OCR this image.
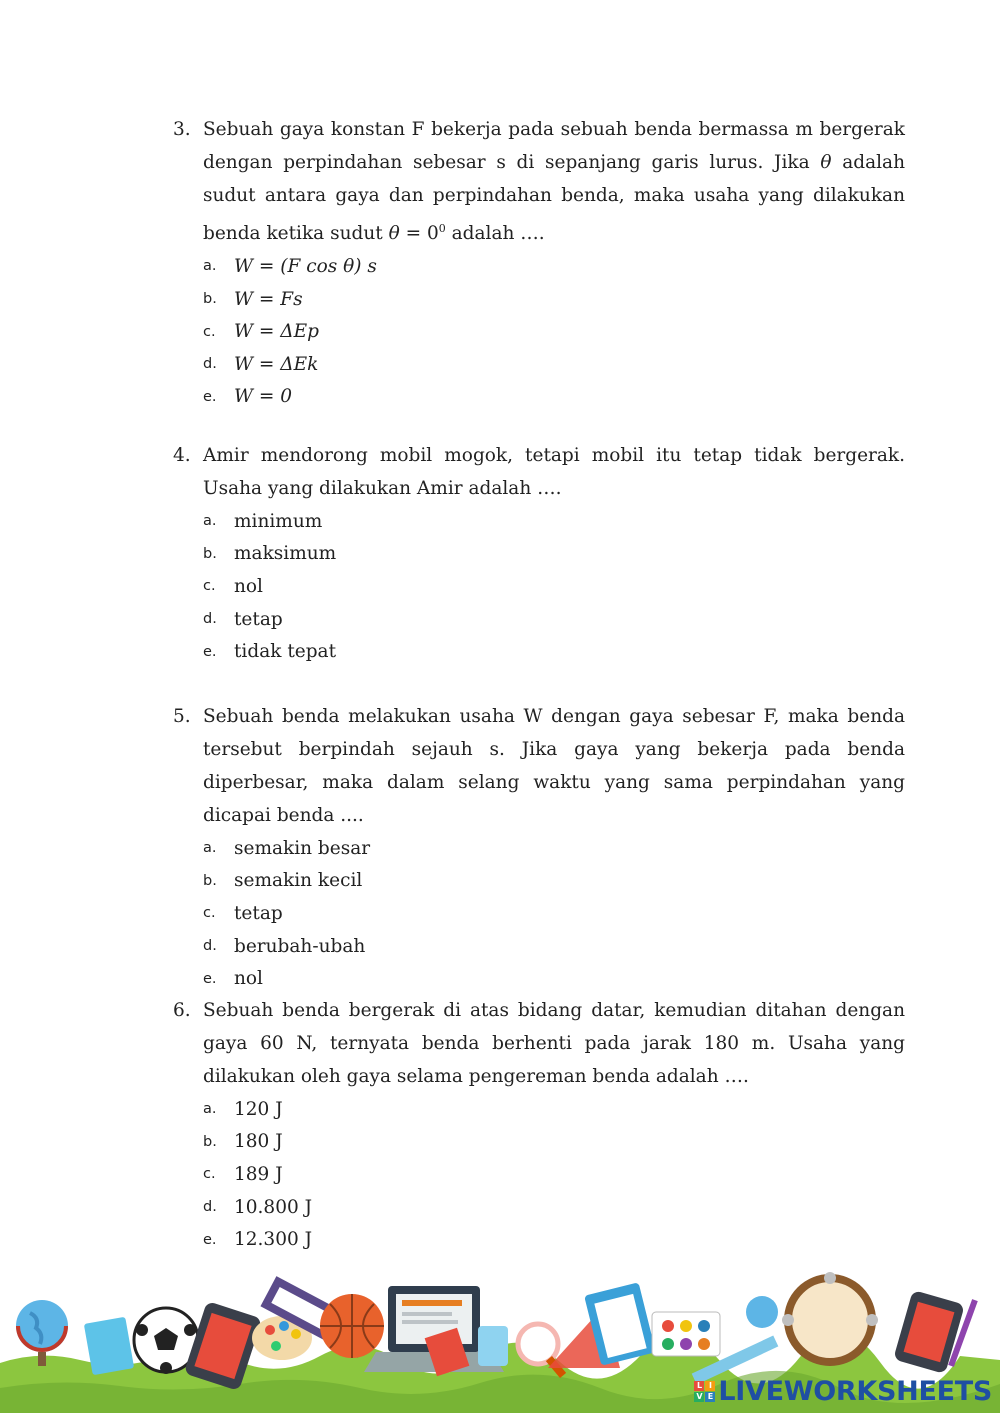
3. Sebuah gaya konstan F bekerja pada sebuah benda bermassa m bergerak dengan perpindahan sebesar s di sepanjang garis lurus. Jika θ adalah sudut antara gaya dan perpindahan benda, maka usaha yang dilakukan benda ketika sudut $\theta = 0^0$ adalah ….
a. W = (F cos θ) s
b. W = Fs
c. W = ΔEp
d. W = ΔEk
e. W = 0
4. Amir mendorong mobil mogok, tetapi mobil itu tetap tidak bergerak. Usaha yang dilakukan Amir adalah ….
a. minimum
b. maksimum
c. nol
d. tetap
e. tidak tepat
5. Sebuah benda melakukan usaha W dengan gaya sebesar F, maka benda tersebut berpindah sejauh s. Jika gaya yang bekerja pada benda diperbesar, maka dalam selang waktu yang sama perpindahan yang dicapai benda ....
a. semakin besar
b. semakin kecil
c. tetap
d. berubah-ubah
e. nol
6. Sebuah benda bergerak di atas bidang datar, kemudian ditahan dengan gaya 60 N, ternyata benda berhenti pada jarak 180 m. Usaha yang dilakukan oleh gaya selama pengereman benda adalah ….
a. 120 J
b. 180 J
c. 189 J
d. 10.800 J
e. 12.300 J
L I
V E LIVEWORKSHEETS
